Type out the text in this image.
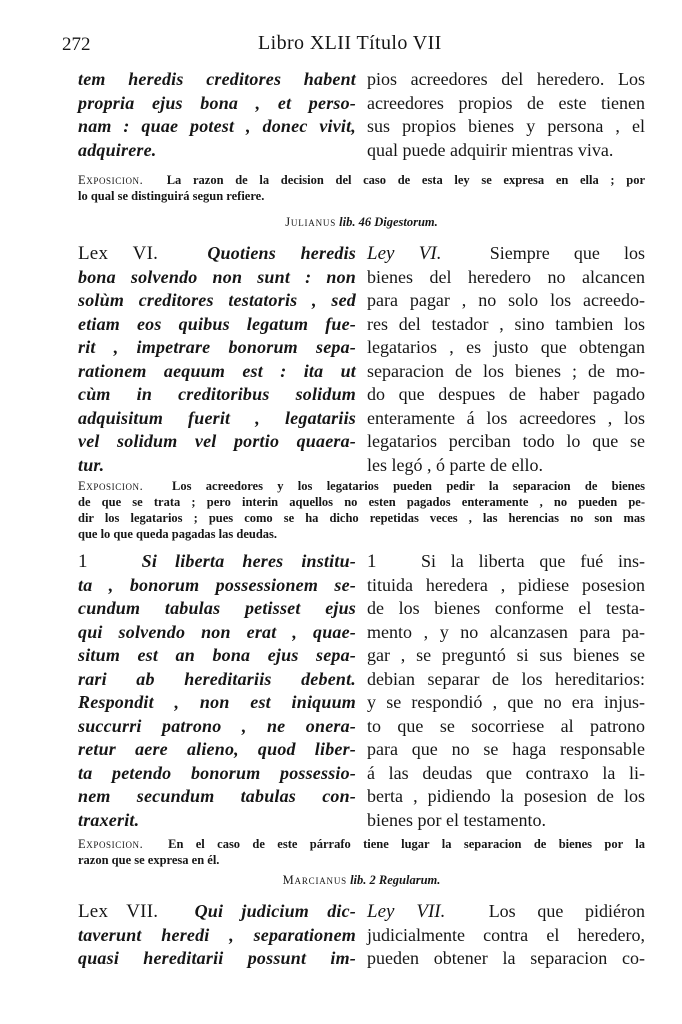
272	Libro XLII Título VII
tem heredis creditores habent
propria ejus bona , et perso-
nam : quae potest , donec vivit,
adquirere.
pios acreedores del heredero. Los
acreedores propios de este tienen
sus propios bienes y persona , el
qual puede adquirir mientras viva.
Exposicion. La razon de la decision del caso de esta ley se expresa en ella ; por
lo qual se distinguirá segun refiere.
Julianus lib. 46 Digestorum.
Lex VI.	Quotiens heredis
bona solvendo non sunt : non
solùm creditores testatoris , sed
etiam eos quibus legatum fue-
rit , impetrare bonorum sepa-
rationem aequum est : ita ut
cùm in creditoribus solidum
adquisitum fuerit , legatariis
vel solidum vel portio quaera-
tur.
Ley VI.	Siempre que los
bienes del heredero no alcancen
para pagar , no solo los acreedo-
res del testador , sino tambien los
legatarios , es justo que obtengan
separacion de los bienes ; de mo-
do que despues de haber pagado
enteramente á los acreedores , los
legatarios perciban todo lo que se
les legó , ó parte de ello.
Exposicion. Los acreedores y los legatarios pueden pedir la separacion de bienes
de que se trata ; pero interin aquellos no esten pagados enteramente , no pueden pe-
dir los legatarios ; pues como se ha dicho repetidas veces , las herencias no son mas
que lo que queda pagadas las deudas.
1	Si liberta heres institu-
ta , bonorum possessionem se-
cundum tabulas petisset ejus
qui solvendo non erat , quae-
situm est an bona ejus sepa-
rari ab hereditariis debent.
Respondit , non est iniquum
succurri patrono , ne onera-
retur aere alieno, quod liber-
ta petendo bonorum possessio-
nem secundum tabulas con-
traxerit.
1 Si la liberta que fué ins-
tituida heredera , pidiese posesion
de los bienes conforme el testa-
mento , y no alcanzasen para pa-
gar , se preguntó si sus bienes se
debian separar de los hereditarios:
y se respondió , que no era injus-
to que se socorriese al patrono
para que no se haga responsable
á las deudas que contraxo la li-
berta , pidiendo la posesion de los
bienes por el testamento.
Exposicion. En el caso de este párrafo tiene lugar la separacion de bienes por la
razon que se expresa en él.
Marcianus lib. 2 Regularum.
Lex VII. Qui judicium dic-
taverunt heredi , separationem
quasi hereditarii possunt im-
Ley VII. Los que pidiéron
judicialmente contra el heredero,
pueden obtener la separacion co-
